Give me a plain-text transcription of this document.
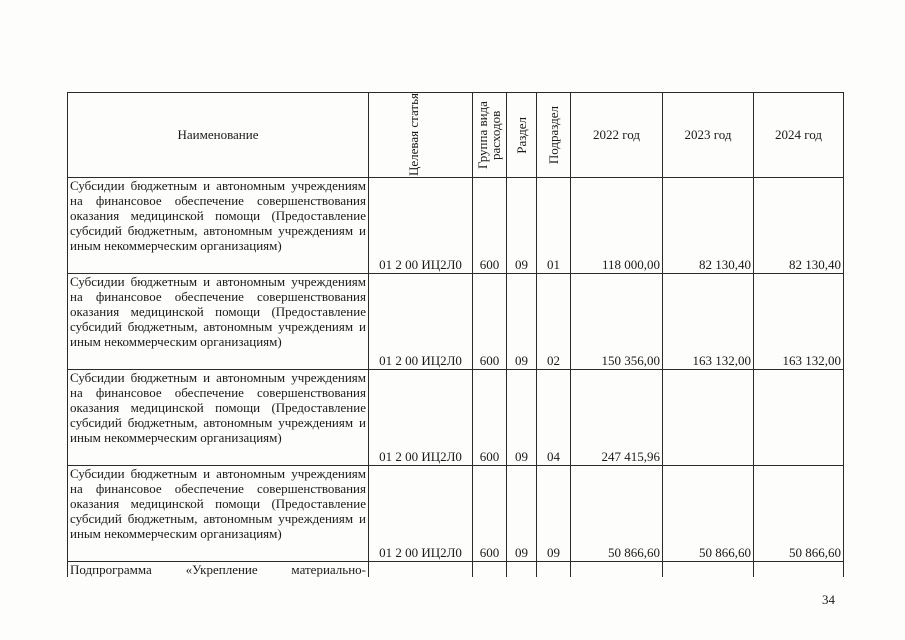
Наименование	Целевая статья	Группа вида расходов	Раздел	Подраздел	2022 год	2023 год	2024 год
Субсидии бюджетным и автономным учреждениям на финансовое обеспечение совершенствования оказания медицинской помощи (Предоставление субсидий бюджетным, автономным учреждениям и иным некоммерческим организациям)	01 2 00 ИЦ2Л0	600	09	01	118 000,00	82 130,40	82 130,40
Субсидии бюджетным и автономным учреждениям на финансовое обеспечение совершенствования оказания медицинской помощи (Предоставление субсидий бюджетным, автономным учреждениям и иным некоммерческим организациям)	01 2 00 ИЦ2Л0	600	09	02	150 356,00	163 132,00	163 132,00
Субсидии бюджетным и автономным учреждениям на финансовое обеспечение совершенствования оказания медицинской помощи (Предоставление субсидий бюджетным, автономным учреждениям и иным некоммерческим организациям)	01 2 00 ИЦ2Л0	600	09	04	247 415,96		
Субсидии бюджетным и автономным учреждениям на финансовое обеспечение совершенствования оказания медицинской помощи (Предоставление субсидий бюджетным, автономным учреждениям и иным некоммерческим организациям)	01 2 00 ИЦ2Л0	600	09	09	50 866,60	50 866,60	50 866,60
Подпрограмма «Укрепление материально-							
34
